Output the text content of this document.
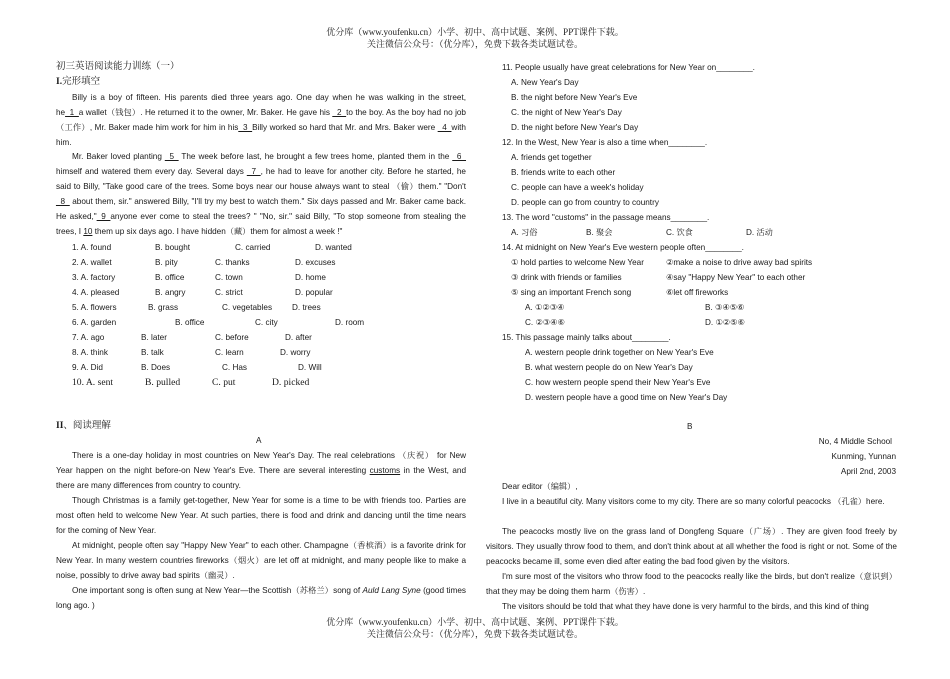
优分库（www.youfenku.cn）小学、初中、高中试题、案例、PPT课件下载。
关注微信公众号：（优分库），免费下载各类试题试卷。
初三英语阅读能力训练（一）
I.完形填空
Billy is a boy of fifteen. His parents died three years ago. One day when he was walking in the street, he_1_a wallet（钱包）. He returned it to the owner, Mr. Baker. He gave his _2_to the boy. As the boy had no job（工作）, Mr. Baker made him work for him in his_3_Billy worked so hard that Mr. and Mrs. Baker were _4_with him.
Mr. Baker loved planting _5_ The week before last, he brought a few trees home, planted them in the _6_ himself and watered them every day. Several days _7_, he had to leave for another city. Before he started, he said to Billy, "Take good care of the trees. Some boys near our house always want to steal （偷）them." "Don't _8_ about them, sir." answered Billy, "I'll try my best to watch them." Six days passed and Mr. Baker came back. He asked,"_9_anyone ever come to steal the trees? " "No, sir." said Billy, "To stop someone from stealing the trees, I 10 them up six days ago. I have hidden（藏）them for almost a week !"
1. A. found	B. bought	C. carried	D. wanted
2. A. wallet	B. pity	C. thanks	D. excuses
3. A. factory	B. office	C. town	D. home
4. A. pleased	B. angry	C. strict	D. popular
5. A. flowers	B. grass	C. vegetables D. trees
6. A. garden	B. office	C. city	D. room
7. A. ago	B. later	C. before	D. after
8. A. think	B. talk	C. learn	D. worry
9. A. Did	B. Does	C. Has	D. Will
10. A. sent	B. pulled	C. put	D. picked
II、阅读理解
A
There is a one-day holiday in most countries on New Year's Day. The real celebrations （庆祝） for New Year happen on the night before-on New Year's Eve. There are several interesting customs in the West, and there are many differences from country to country.
Though Christmas is a family get-together, New Year for some is a time to be with friends too. Parties are most often held to welcome New Year. At such parties, there is food and drink and dancing until the time nears for the coming of New Year.
At midnight, people often say "Happy New Year" to each other. Champagne（香槟酒）is a favorite drink for New Year. In many western countries fireworks（烟火）are let off at midnight, and many people like to make a noise, possibly to drive away bad spirits（幽灵）.
One important song is often sung at New Year—the Scottish（苏格兰）song of Auld Lang Syne (good times long ago. )
11. People usually have great celebrations for New Year on________.
A. New Year's Day
B. the night before New Year's Eve
C. the night of New Year's Day
D. the night before New Year's Day
12. In the West, New Year is also a time when________.
A. friends get together
B. friends write to each other
C. people can have a week's holiday
D. people can go from country to country
13. The word "customs" in the passage means________.
A. 习俗	B. 聚会	C. 饮食	D. 活动
14. At midnight on New Year's Eve western people often________.
① hold parties to welcome New Year	②make a noise to drive away bad spirits
③ drink with friends or families	④say "Happy New Year" to each other
⑤ sing an important French song	⑥let off fireworks
A. ①②③④	B. ③④⑤⑥
C. ②③④⑥	D. ①②⑤⑥
15. This passage mainly talks about________.
A. western people drink together on New Year's Eve
B. what western people do on New Year's Day
C. how western people spend their New Year's Eve
D. western people have a good time on New Year's Day
B
No, 4 Middle School
Kunming, Yunnan
April 2nd, 2003
Dear editor（编辑）,
I live in a beautiful city. Many visitors come to my city. There are so many colorful peacocks （孔雀）here.
The peacocks mostly live on the grass land of Dongfeng Square（广场）. They are given food freely by visitors. They usually throw food to them, and don't think about at all whether the food is right or not. Some of the peacocks became ill, some even died after eating the bad food given by the visitors.
I'm sure most of the visitors who throw food to the peacocks really like the birds, but don't realize（意识到）that they may be doing them harm（伤害）.
The visitors should be told that what they have done is very harmful to the birds, and this kind of thing
优分库（www.youfenku.cn）小学、初中、高中试题、案例、PPT课件下载。
关注微信公众号：（优分库），免费下载各类试题试卷。
